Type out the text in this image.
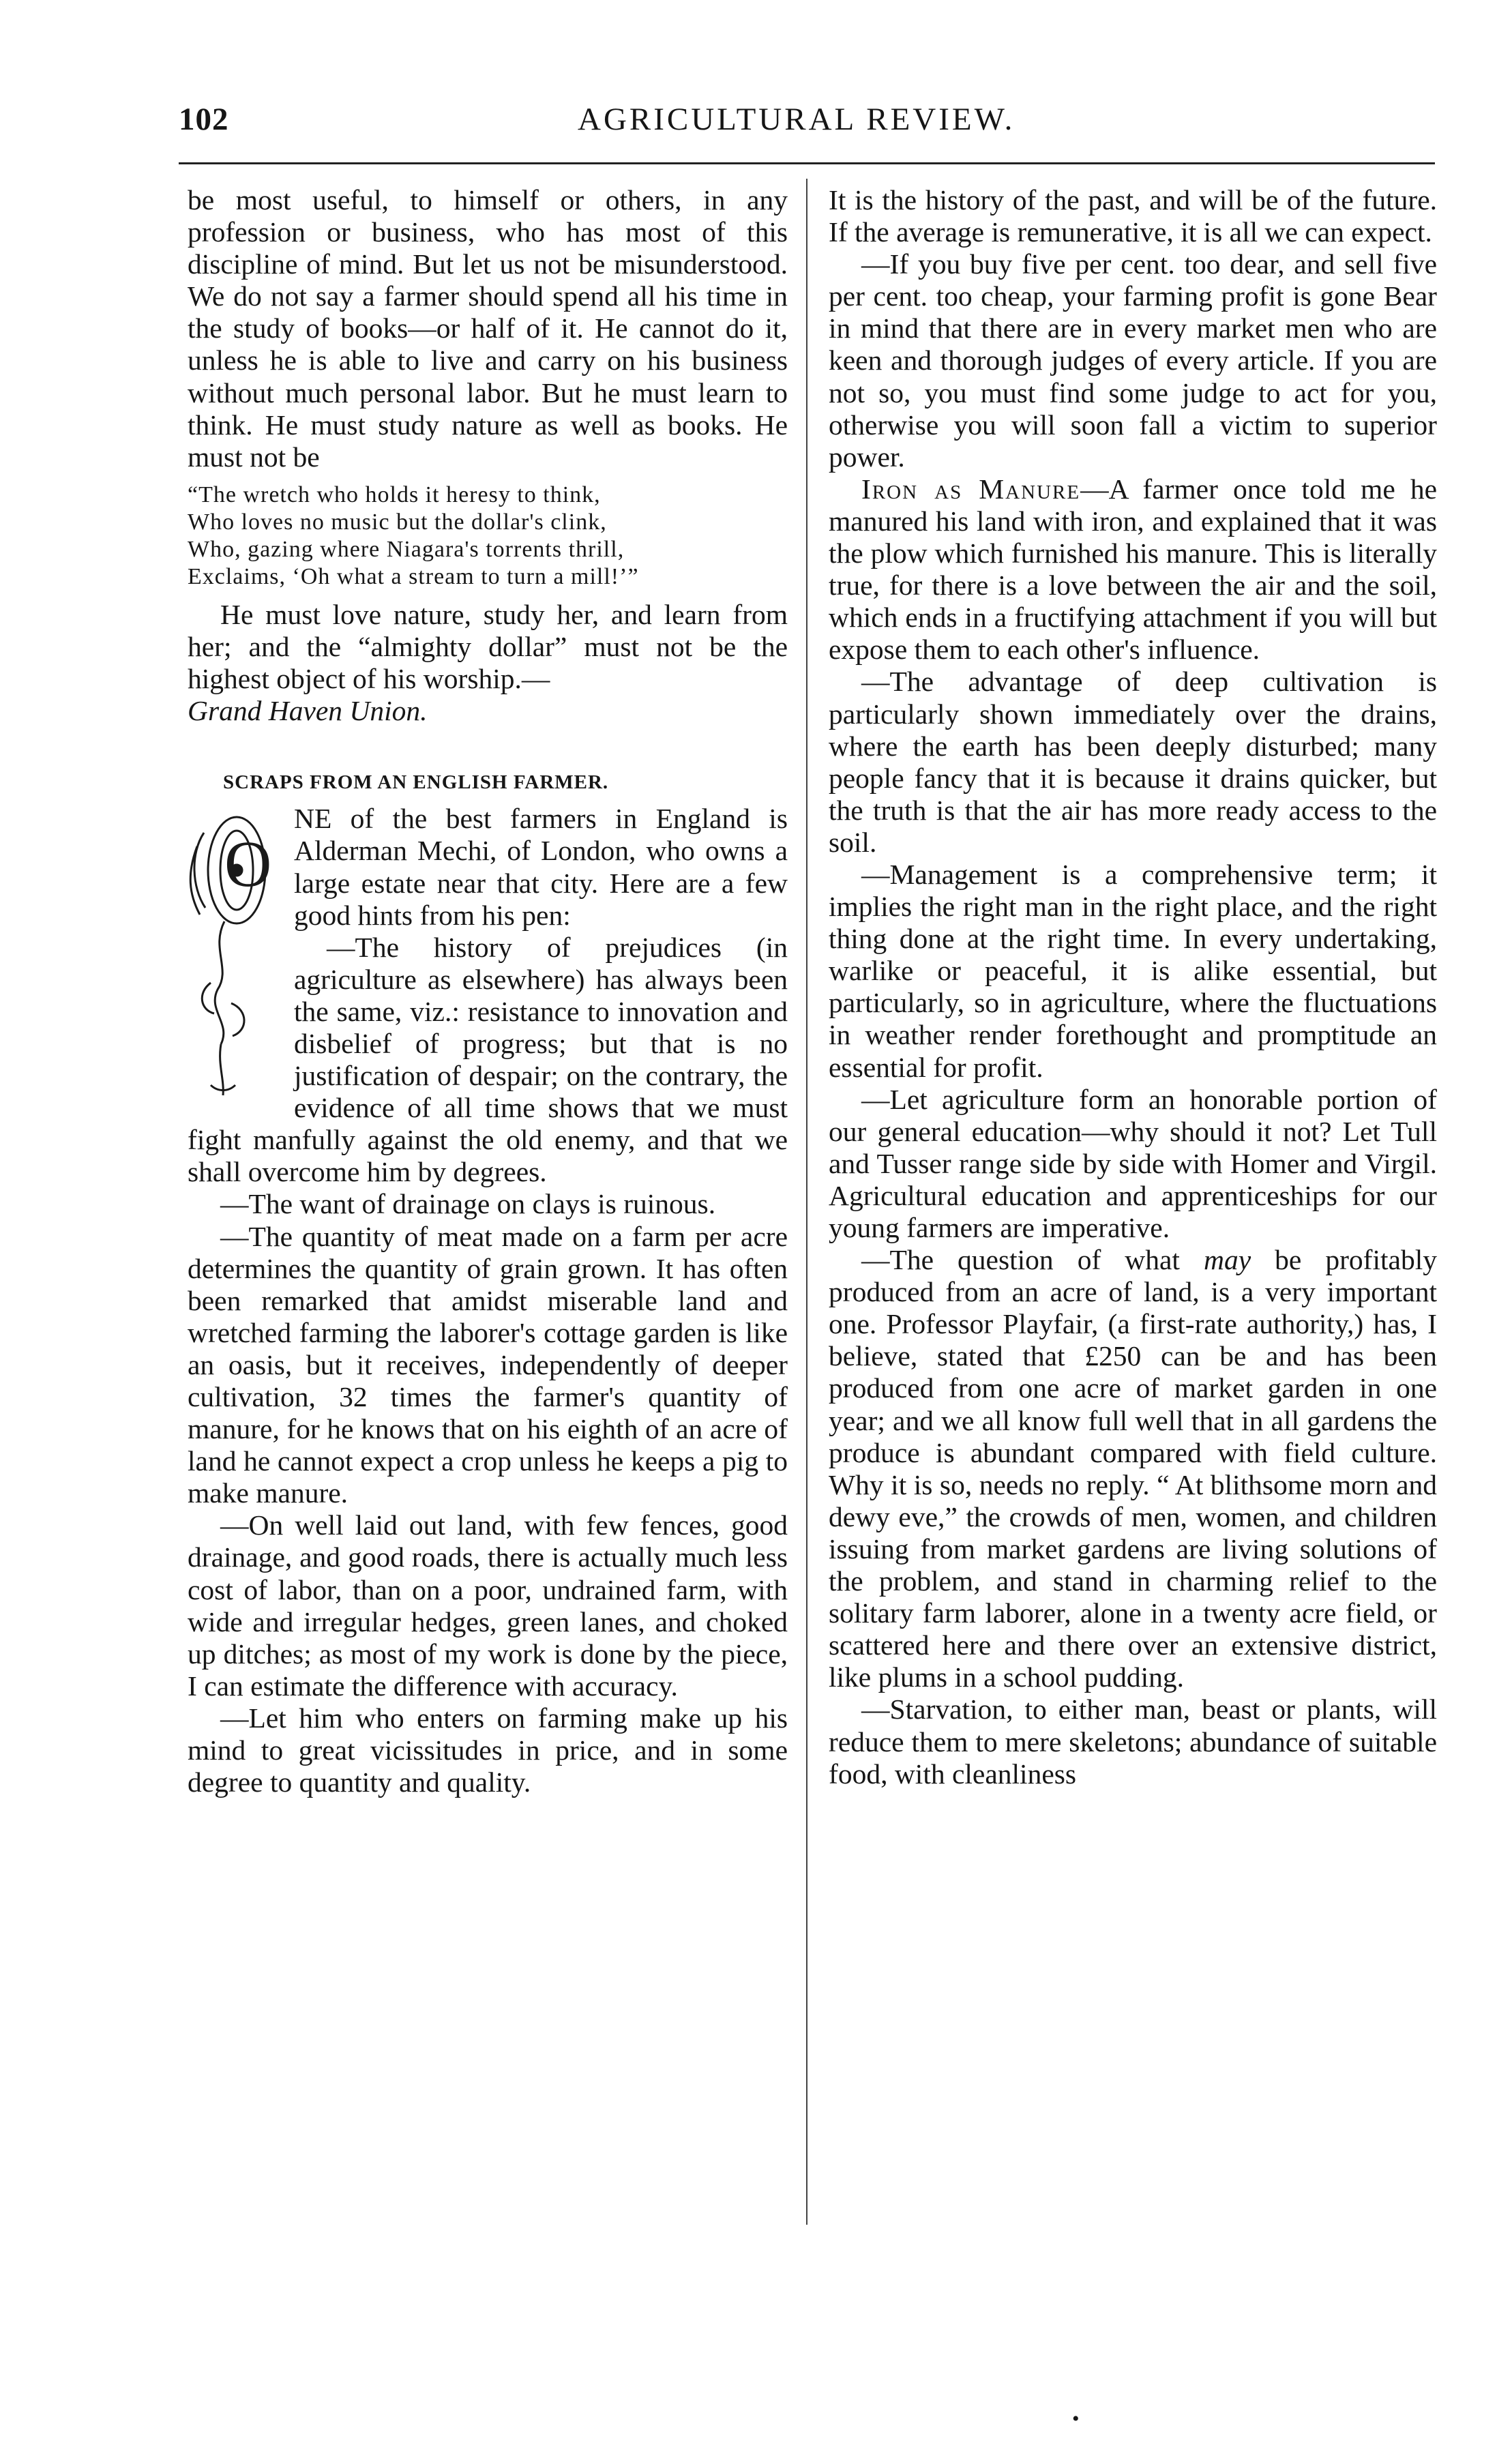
102	AGRICULTURAL REVIEW.

be most useful, to himself or others, in any profession or business, who has most of this discipline of mind. But let us not be misunderstood. We do not say a farmer should spend all his time in the study of books—or half of it. He cannot do it, unless he is able to live and carry on his business without much personal labor. But he must learn to think. He must study nature as well as books. He must not be

“The wretch who holds it heresy to think,
Who loves no music but the dollar's clink,
Who, gazing where Niagara's torrents thrill,
Exclaims, ‘Oh what a stream to turn a mill!’”

He must love nature, study her, and learn from her; and the “almighty dollar” must not be the highest object of his worship.—
Grand Haven Union.

SCRAPS FROM AN ENGLISH FARMER.
O

NE of the best farmers in England is Alderman Mechi, of London, who owns a large estate near that city. Here are a few good hints from his pen:

—The history of prejudices (in agriculture as elsewhere) has always been the same, viz.: resistance to innovation and disbelief of progress; but that is no justification of despair; on the contrary, the evidence of all time shows that we must fight manfully against the old enemy, and that we shall overcome him by degrees.

—The want of drainage on clays is ruinous.

—The quantity of meat made on a farm per acre determines the quantity of grain grown. It has often been remarked that amidst miserable land and wretched farming the laborer's cottage garden is like an oasis, but it receives, independently of deeper cultivation, 32 times the farmer's quantity of manure, for he knows that on his eighth of an acre of land he cannot expect a crop unless he keeps a pig to make manure.

—On well laid out land, with few fences, good drainage, and good roads, there is actually much less cost of labor, than on a poor, undrained farm, with wide and irregular hedges, green lanes, and choked up ditches; as most of my work is done by the piece, I can estimate the difference with accuracy.

—Let him who enters on farming make up his mind to great vicissitudes in price, and in some degree to quantity and quality.

It is the history of the past, and will be of the future. If the average is remunerative, it is all we can expect.

—If you buy five per cent. too dear, and sell five per cent. too cheap, your farming profit is gone Bear in mind that there are in every market men who are keen and thorough judges of every article. If you are not so, you must find some judge to act for you, otherwise you will soon fall a victim to superior power.

Iron as Manure—A farmer once told me he manured his land with iron, and explained that it was the plow which furnished his manure. This is literally true, for there is a love between the air and the soil, which ends in a fructifying attachment if you will but expose them to each other's influence.

—The advantage of deep cultivation is particularly shown immediately over the drains, where the earth has been deeply disturbed; many people fancy that it is because it drains quicker, but the truth is that the air has more ready access to the soil.

—Management is a comprehensive term; it implies the right man in the right place, and the right thing done at the right time. In every undertaking, warlike or peaceful, it is alike essential, but particularly, so in agriculture, where the fluctuations in weather render forethought and promptitude an essential for profit.

—Let agriculture form an honorable portion of our general education—why should it not? Let Tull and Tusser range side by side with Homer and Virgil. Agricultural education and apprenticeships for our young farmers are imperative.

—The question of what may be profitably produced from an acre of land, is a very important one. Professor Playfair, (a first-rate authority,) has, I believe, stated that £250 can be and has been produced from one acre of market garden in one year; and we all know full well that in all gardens the produce is abundant compared with field culture. Why it is so, needs no reply. “ At blithsome morn and dewy eve,” the crowds of men, women, and children issuing from market gardens are living solutions of the problem, and stand in charming relief to the solitary farm laborer, alone in a twenty acre field, or scattered here and there over an extensive district, like plums in a school pudding.

—Starvation, to either man, beast or plants, will reduce them to mere skeletons; abundance of suitable food, with cleanliness

•
